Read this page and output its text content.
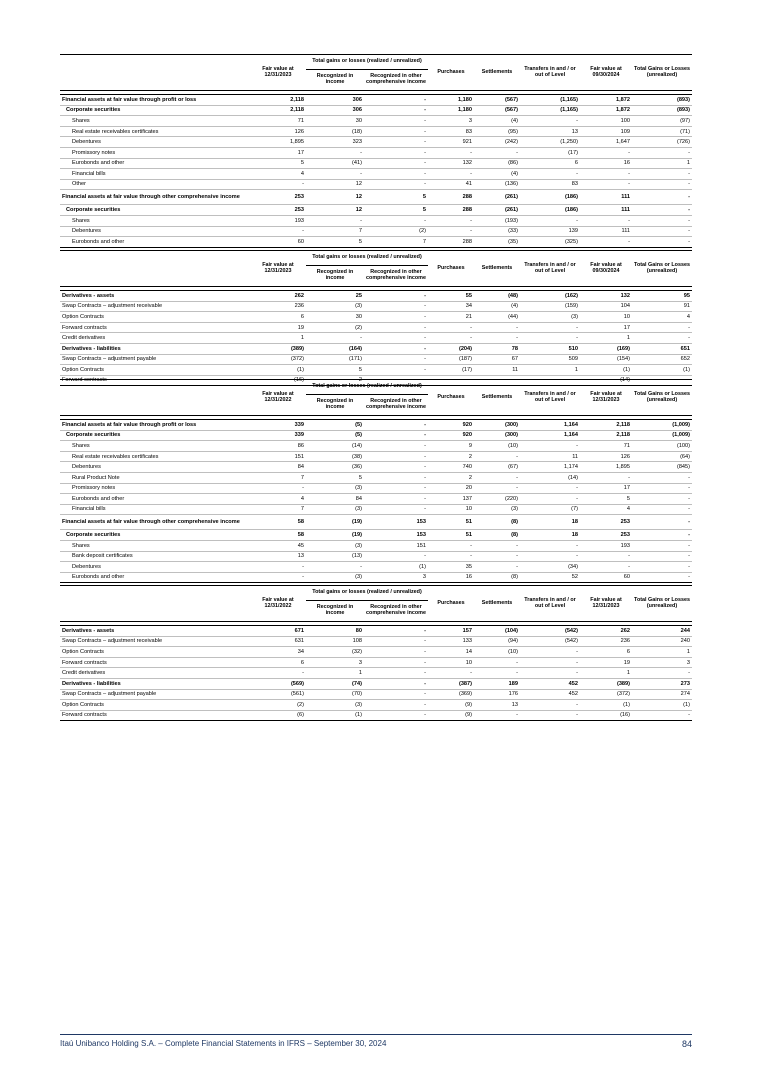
	Fair value at 12/31/2023	Total gains or losses (realized / unrealized)		Purchases	Settlements	Transfers in and / or out of Level	Fair value at 09/30/2024	Total Gains or Losses (unrealized)
		Recognized in income	Recognized in other comprehensive income					

Financial assets at fair value through profit or loss	2,118	306	-	1,180	(567)	(1,165)	1,872	(893)
Corporate securities	2,118	306	-	1,180	(567)	(1,165)	1,872	(893)
Shares	71	30	-	3	(4)	-	100	(97)
Real estate receivables certificates	126	(18)	-	83	(95)	13	109	(71)
Debentures	1,895	323	-	921	(242)	(1,250)	1,647	(726)
Promissory notes	17	-	-	-	-	(17)	-	-
Eurobonds and other	5	(41)	-	132	(86)	6	16	1
Financial bills	4	-	-	-	(4)	-	-	-
Other	-	12	-	41	(136)	83	-	-
Financial assets at fair value through other comprehensive income	253	12	5	288	(261)	(186)	111	-
Corporate securities	253	12	5	288	(261)	(186)	111	-
Shares	193	-	-	-	(193)	-	-	-
Debentures	-	7	(2)	-	(33)	139	111	-
Eurobonds and other	60	5	7	288	(35)	(325)	-	-
	Fair value at 12/31/2023	Total gains or losses (realized / unrealized)		Purchases	Settlements	Transfers in and / or out of Level	Fair value at 09/30/2024	Total Gains or Losses (unrealized)
		Recognized in income	Recognized in other comprehensive income					

Derivatives - assets	262	25	-	55	(48)	(162)	132	95
Swap Contracts – adjustment receivable	236	(3)	-	34	(4)	(159)	104	91
Option Contracts	6	30	-	21	(44)	(3)	10	4
Forward contracts	19	(2)	-	-	-	-	17	-
Credit derivatives	1	-	-	-	-	-	1	-
Derivatives - liabilities	(389)	(164)	-	(204)	78	510	(169)	651
Swap Contracts – adjustment payable	(372)	(171)	-	(187)	67	509	(154)	652
Option Contracts	(1)	5	-	(17)	11	1	(1)	(1)
Forward contracts	(16)	2	-	-	-	-	(14)	-
	Fair value at 12/31/2022	Total gains or losses (realized / unrealized)		Purchases	Settlements	Transfers in and / or out of Level	Fair value at 12/31/2023	Total Gains or Losses (unrealized)
		Recognized in income	Recognized in other comprehensive income					

Financial assets at fair value through profit or loss	339	(5)	-	920	(300)	1,164	2,118	(1,009)
Corporate securities	339	(5)	-	920	(300)	1,164	2,118	(1,009)
Shares	86	(14)	-	9	(10)	-	71	(100)
Real estate receivables certificates	151	(38)	-	2	-	11	126	(64)
Debentures	84	(36)	-	740	(67)	1,174	1,895	(845)
Rural Product Note	7	5	-	2	-	(14)	-	-
Promissory notes	-	(3)	-	20	-	-	17	-
Eurobonds and other	4	84	-	137	(220)	-	5	-
Financial bills	7	(3)	-	10	(3)	(7)	4	-
Financial assets at fair value through other comprehensive income	58	(19)	153	51	(8)	18	253	-
Corporate securities	58	(19)	153	51	(8)	18	253	-
Shares	45	(3)	151	-	-	-	193	-
Bank deposit certificates	13	(13)	-	-	-	-	-	-
Debentures	-	-	(1)	35	-	(34)	-	-
Eurobonds and other	-	(3)	3	16	(8)	52	60	-
	Fair value at 12/31/2022	Total gains or losses (realized / unrealized)		Purchases	Settlements	Transfers in and / or out of Level	Fair value at 12/31/2023	Total Gains or Losses (unrealized)
		Recognized in income	Recognized in other comprehensive income					

Derivatives - assets	671	80	-	157	(104)	(542)	262	244
Swap Contracts – adjustment receivable	631	108	-	133	(94)	(542)	236	240
Option Contracts	34	(32)	-	14	(10)	-	6	1
Forward contracts	6	3	-	10	-	-	19	3
Credit derivatives	-	1	-	-	-	-	1	-
Derivatives - liabilities	(569)	(74)	-	(387)	189	452	(389)	273
Swap Contracts – adjustment payable	(561)	(70)	-	(369)	176	452	(372)	274
Option Contracts	(2)	(3)	-	(9)	13	-	(1)	(1)
Forward contracts	(6)	(1)	-	(9)	-	-	(16)	-
Itaú Unibanco Holding S.A. – Complete Financial Statements in IFRS – September 30, 2024	84
